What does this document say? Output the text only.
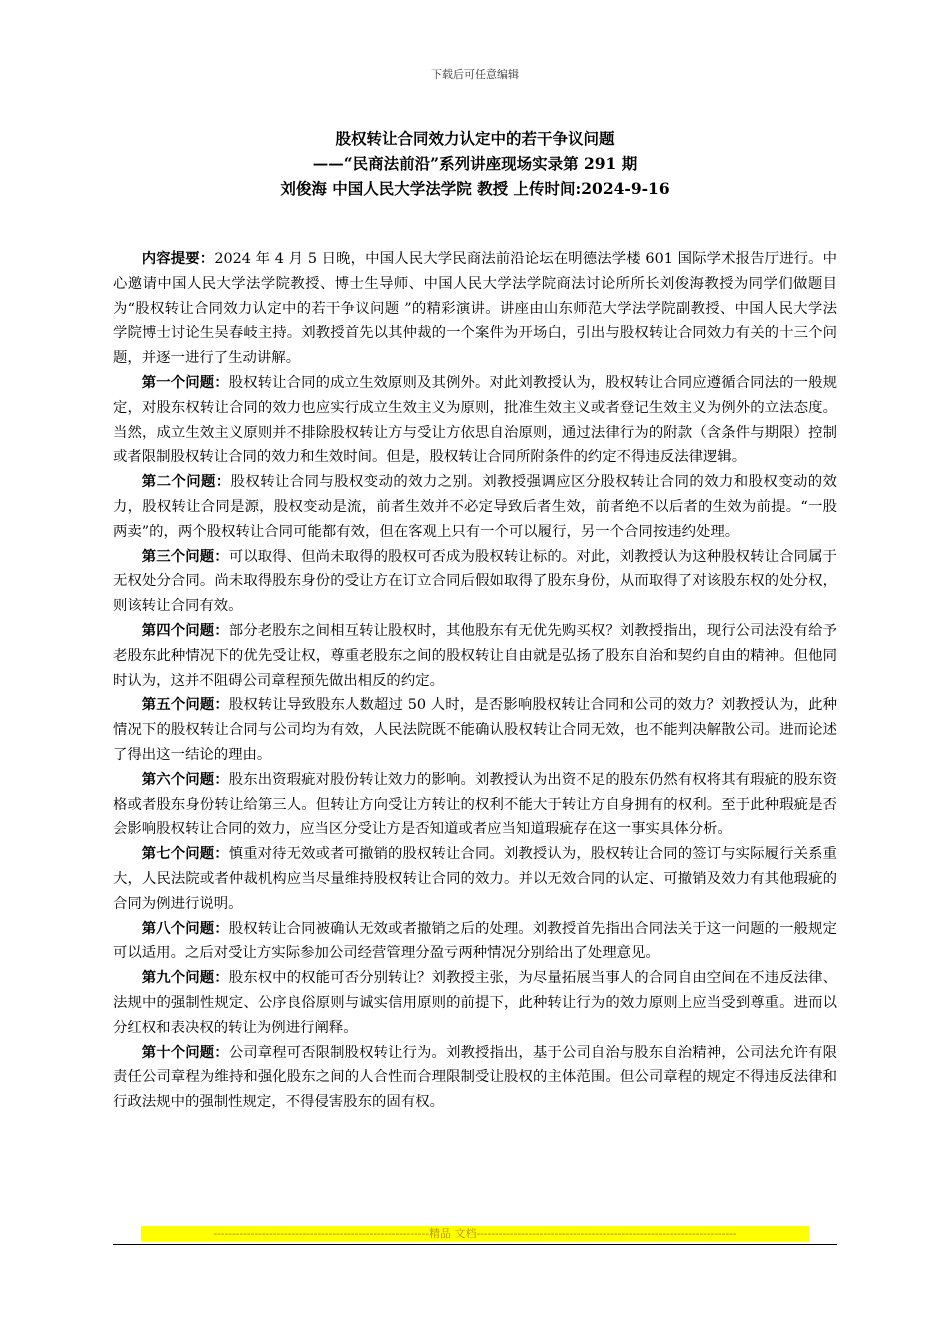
下载后可任意编辑

股权转让合同效力认定中的若干争议问题

——“民商法前沿”系列讲座现场实录第 291 期

刘俊海 中国人民大学法学院 教授 上传时间:2024-9-16

内容提要：2024 年 4 月 5 日晚，中国人民大学民商法前沿论坛在明德法学楼 601 国际学术报告厅进行。中心邀请中国人民大学法学院教授、博士生导师、中国人民大学法学院商法讨论所所长刘俊海教授为同学们做题目为“股权转让合同效力认定中的若干争议问题 ”的精彩演讲。讲座由山东师范大学法学院副教授、中国人民大学法学院博士讨论生吴春岐主持。刘教授首先以其仲裁的一个案件为开场白，引出与股权转让合同效力有关的十三个问题，并逐一进行了生动讲解。

第一个问题：股权转让合同的成立生效原则及其例外。对此刘教授认为，股权转让合同应遵循合同法的一般规定，对股东权转让合同的效力也应实行成立生效主义为原则，批准生效主义或者登记生效主义为例外的立法态度。当然，成立生效主义原则并不排除股权转让方与受让方依思自治原则，通过法律行为的附款（含条件与期限）控制或者限制股权转让合同的效力和生效时间。但是，股权转让合同所附条件的约定不得违反法律逻辑。

第二个问题：股权转让合同与股权变动的效力之别。刘教授强调应区分股权转让合同的效力和股权变动的效力，股权转让合同是源，股权变动是流，前者生效并不必定导致后者生效，前者绝不以后者的生效为前提。“一股两卖”的，两个股权转让合同可能都有效，但在客观上只有一个可以履行，另一个合同按违约处理。

第三个问题：可以取得、但尚未取得的股权可否成为股权转让标的。对此，刘教授认为这种股权转让合同属于无权处分合同。尚未取得股东身份的受让方在订立合同后假如取得了股东身份，从而取得了对该股东权的处分权，则该转让合同有效。

第四个问题：部分老股东之间相互转让股权时，其他股东有无优先购买权？刘教授指出，现行公司法没有给予老股东此种情况下的优先受让权，尊重老股东之间的股权转让自由就是弘扬了股东自治和契约自由的精神。但他同时认为，这并不阻碍公司章程预先做出相反的约定。

第五个问题：股权转让导致股东人数超过 50 人时，是否影响股权转让合同和公司的效力？刘教授认为，此种情况下的股权转让合同与公司均为有效，人民法院既不能确认股权转让合同无效，也不能判决解散公司。进而论述了得出这一结论的理由。

第六个问题：股东出资瑕疵对股份转让效力的影响。刘教授认为出资不足的股东仍然有权将其有瑕疵的股东资格或者股东身份转让给第三人。但转让方向受让方转让的权利不能大于转让方自身拥有的权利。至于此种瑕疵是否会影响股权转让合同的效力，应当区分受让方是否知道或者应当知道瑕疵存在这一事实具体分析。

第七个问题：慎重对待无效或者可撤销的股权转让合同。刘教授认为，股权转让合同的签订与实际履行关系重大，人民法院或者仲裁机构应当尽量维持股权转让合同的效力。并以无效合同的认定、可撤销及效力有其他瑕疵的合同为例进行说明。

第八个问题：股权转让合同被确认无效或者撤销之后的处理。刘教授首先指出合同法关于这一问题的一般规定可以适用。之后对受让方实际参加公司经营管理分盈亏两种情况分别给出了处理意见。

第九个问题：股东权中的权能可否分别转让？刘教授主张，为尽量拓展当事人的合同自由空间在不违反法律、法规中的强制性规定、公序良俗原则与诚实信用原则的前提下，此种转让行为的效力原则上应当受到尊重。进而以分红权和表决权的转让为例进行阐释。

第十个问题：公司章程可否限制股权转让行为。刘教授指出，基于公司自治与股东自治精神，公司法允许有限责任公司章程为维持和强化股东之间的人合性而合理限制受让股权的主体范围。但公司章程的规定不得违反法律和行政法规中的强制性规定，不得侵害股东的固有权。

----------------------------------------------------------精品 文档----------------------------------------------------------------------
